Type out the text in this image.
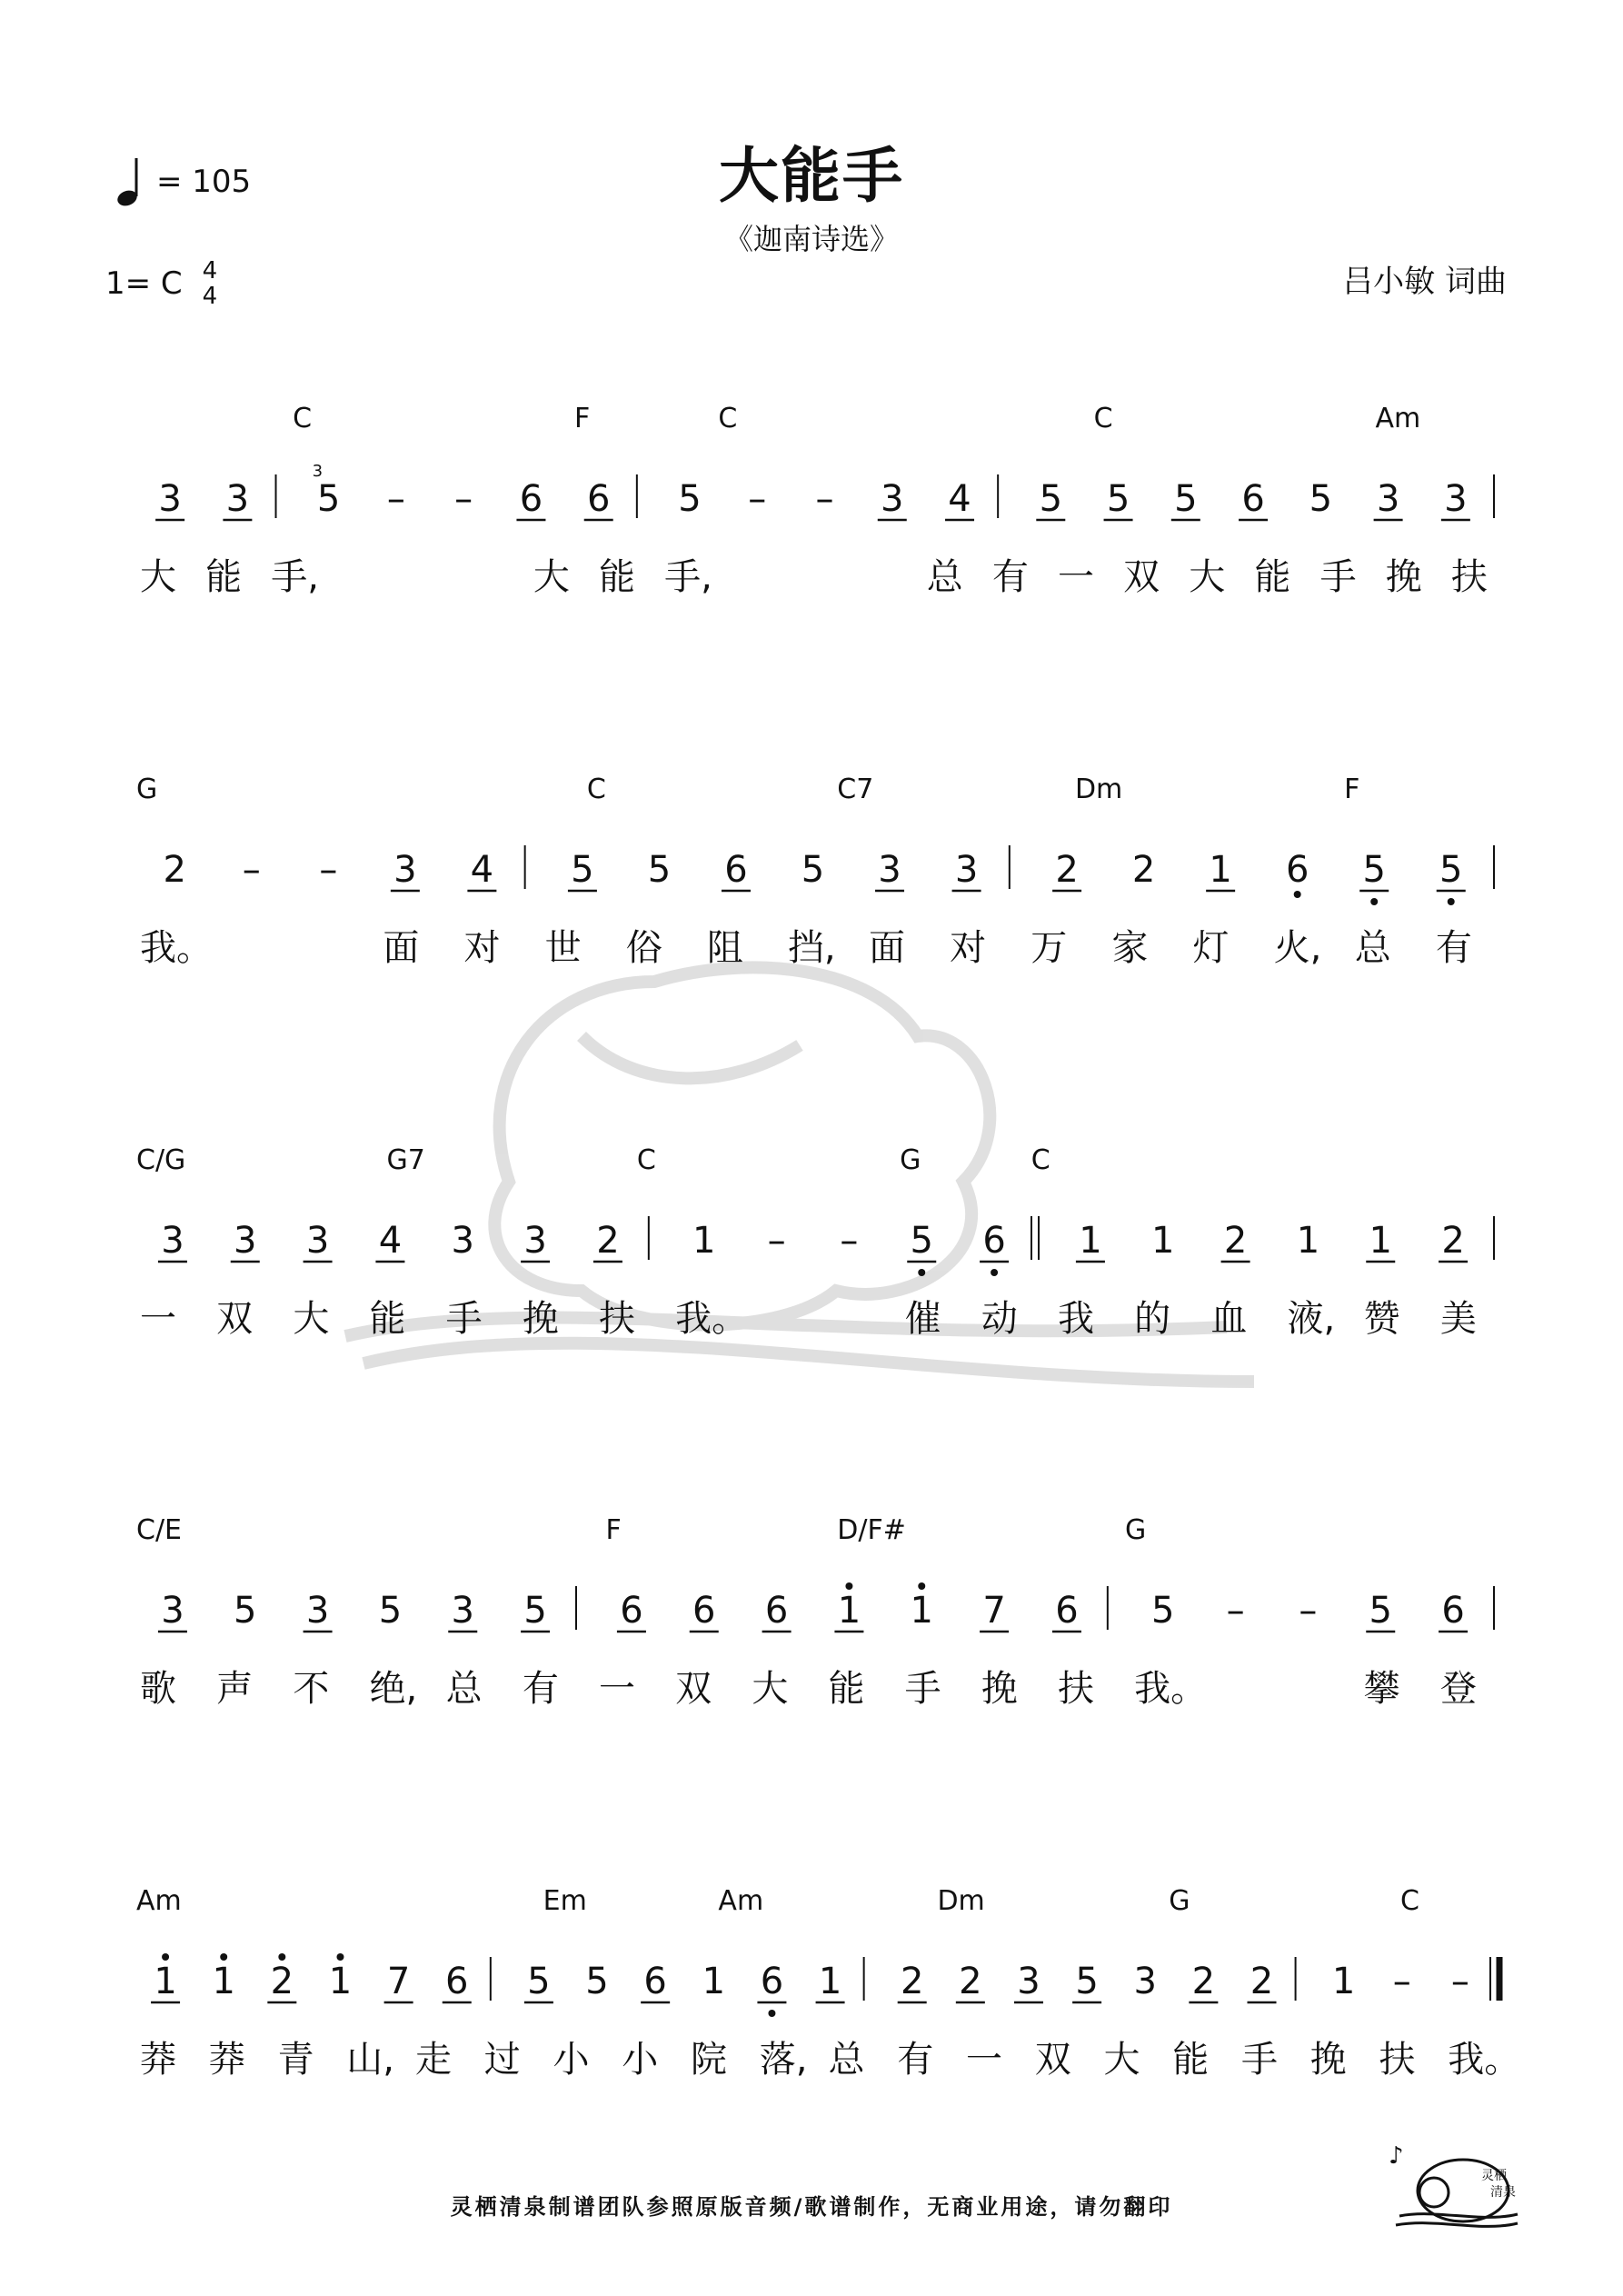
= 105	大能手
《迦南诗选》
1= C 4
4	吕小敏 词曲
3 3 5
3
– – 6 6 5 – – 3 4 5 5 5 6 5 3 3
C	F	C	C	Am
大 能 手,	大 能 手,	总 有 一 双 大 能 手 挽 扶
2 – – 3 4 5 5 6 5 3 3 2 2 1 6 5 5
G	C	C7	Dm	F
我。	面 对 世 俗 阻 挡, 面 对 万 家 灯 火, 总 有
3 3 3 4 3 3 2 1 – – 5 6 1 1 2 1 1 2
C/G	G7	C	G	C
一 双 大 能 手 挽 扶 我。	催 动 我 的 血 液, 赞 美
3 5 3 5 3 5 6 6 6 1 1 7 6 5 – – 5 6
C/E	F	D/F#	G
歌 声 不 绝, 总 有 一 双 大 能 手 挽 扶 我。	攀 登
1 1 2 1 7 6 5 5 6 1 6 1 2 2 3 5 3 2 2 1 – –
Am	Em	Am	Dm	G	C
莽 莽 青 山, 走 过 小 小 院 落, 总 有 一 双 大 能 手 挽 扶 我。
灵栖清泉制谱团队参照原版音频/歌谱制作，无商业用途，请勿翻印
灵栖
清泉
♪
